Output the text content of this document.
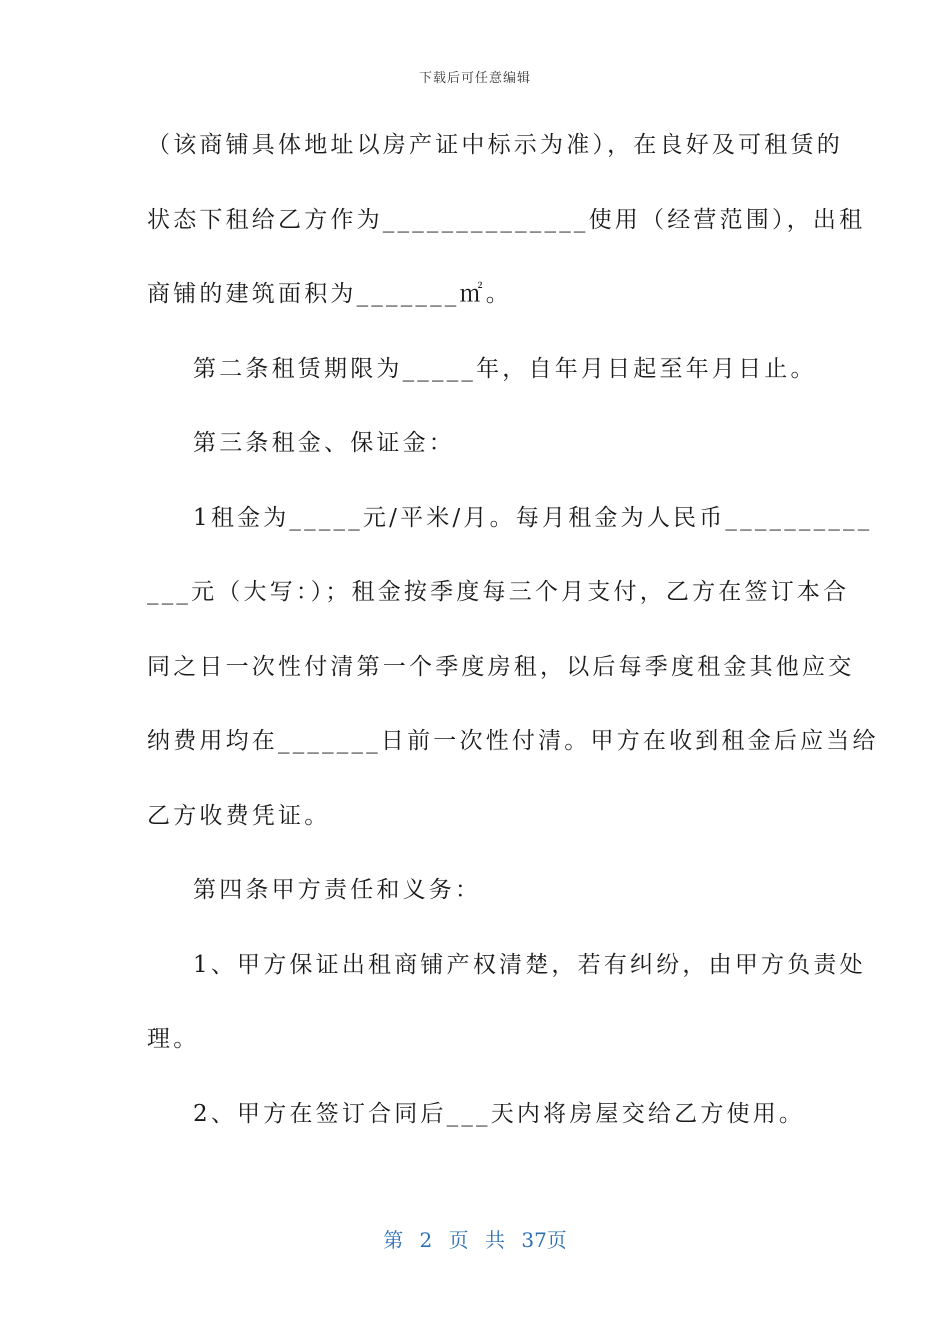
下载后可任意编辑
（该商铺具体地址以房产证中标示为准），在良好及可租赁的
状态下租给乙方作为______________使用（经营范围），出租
商铺的建筑面积为_______㎡。
第二条租赁期限为_____年，自年月日起至年月日止。
第三条租金、保证金：
1租金为_____元/平米/月。每月租金为人民币__________
___元（大写：）；租金按季度每三个月支付，乙方在签订本合
同之日一次性付清第一个季度房租，以后每季度租金其他应交
纳费用均在_______日前一次性付清。甲方在收到租金后应当给
乙方收费凭证。
第四条甲方责任和义务：
1、甲方保证出租商铺产权清楚，若有纠纷，由甲方负责处
理。
2、甲方在签订合同后___天内将房屋交给乙方使用。
第 2 页 共 37页
